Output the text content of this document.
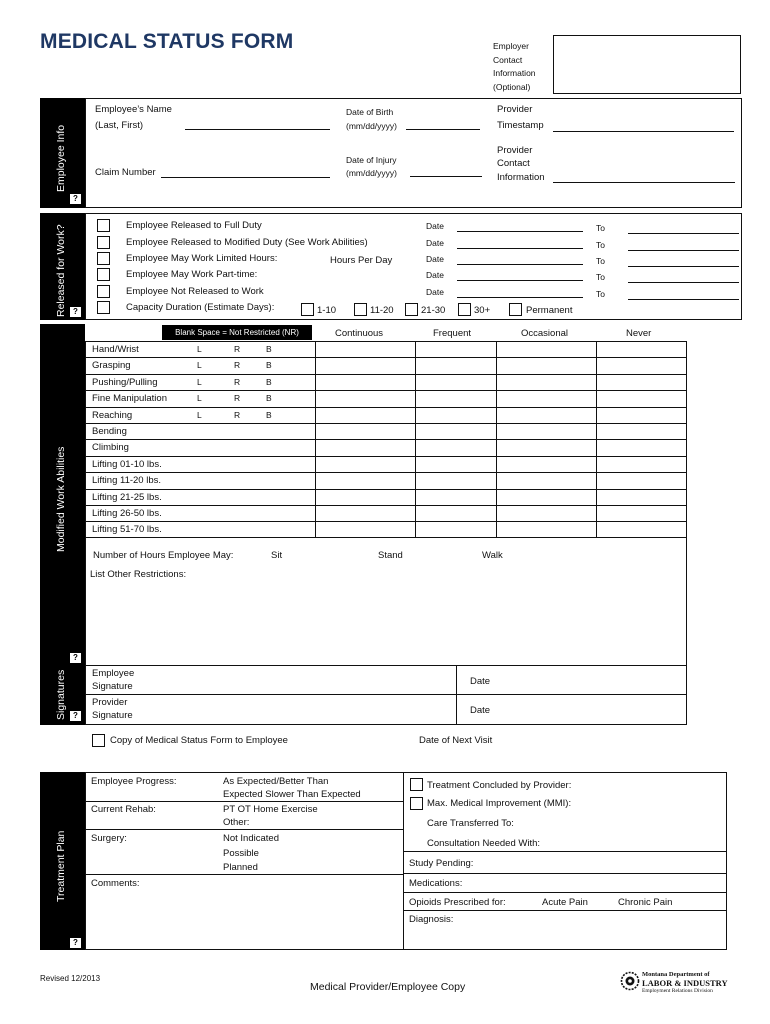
MEDICAL STATUS FORM	Employer
Contact
Information
(Optional)
Employee Info
?
Employee’s Name
(Last, First)
Date of Birth
(mm/dd/yyyy)
Provider
Timestamp
Claim Number
Date of Injury
(mm/dd/yyyy)
Provider
Contact
Information
Released for Work? ?
Employee Released to Full Duty	Date	To
Employee Released to Modified Duty (See Work Abilities)	Date	To
Employee May Work Limited Hours:	Date	To
Employee May Work Part-time:	Date	To
Employee Not Released to Work	Date	To
Capacity Duration (Estimate Days):
Hours Per Day
1-10	11-20	21-30	30+	Permanent
Modified Work Abilities
?
Blank Space = Not Restricted (NR)	Continuous	Frequent	Occasional	Never
Hand/Wrist	L	R	B
Grasping	L	R	B
Pushing/Pulling	L	R	B
Fine Manipulation	L	R	B
Reaching	L	R	B
Bending
Climbing
Lifting 01-10 lbs.
Lifting 11-20 lbs.
Lifting 21-25 lbs.
Lifting 26-50 lbs.
Lifting 51-70 lbs.
Number of Hours Employee May:	Sit	Stand	Walk
List Other Restrictions:
Signatures ?
Employee
Signature	Date
Provider
Signature	Date
Copy of Medical Status Form to Employee	Date of Next Visit
Treatment Plan
?
Employee Progress:	As Expected/Better Than
Expected Slower Than Expected
Current Rehab:	PT OT Home Exercise
Other:
Surgery:	Not Indicated
Possible
Planned
Comments:
Treatment Concluded by Provider:
Max. Medical Improvement (MMI):
Care Transferred To:
Consultation Needed With:
Study Pending:
Medications:
Opioids Prescribed for:	Acute Pain	Chronic Pain
Diagnosis:
Revised 12/2013
Medical Provider/Employee Copy
Montana Department of
LABOR & INDUSTRY
Employment Relations Division
